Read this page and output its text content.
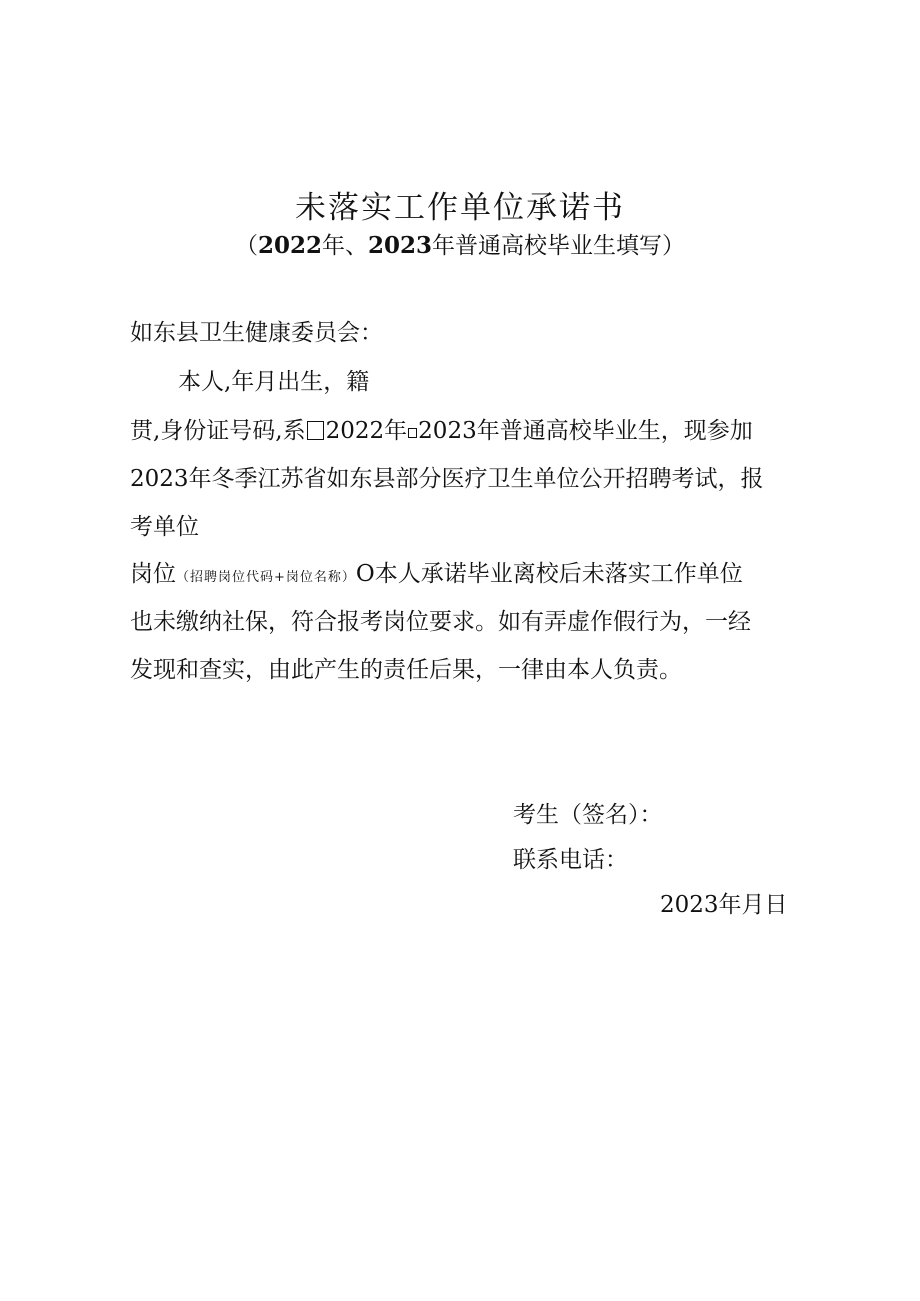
未落实工作单位承诺书
（2022年、2023年普通高校毕业生填写）
如东县卫生健康委员会：
本人,年月出生，籍
贯,身份证号码,系 2022年 2023年普通高校毕业生，现参加
2023年冬季江苏省如东县部分医疗卫生单位公开招聘考试，报
考单位
岗位（招聘岗位代码+岗位名称）O本人承诺毕业离校后未落实工作单位
也未缴纳社保，符合报考岗位要求。如有弄虚作假行为，一经
发现和查实，由此产生的责任后果，一律由本人负责。
考生（签名）：
联系电话：
2023年月日
